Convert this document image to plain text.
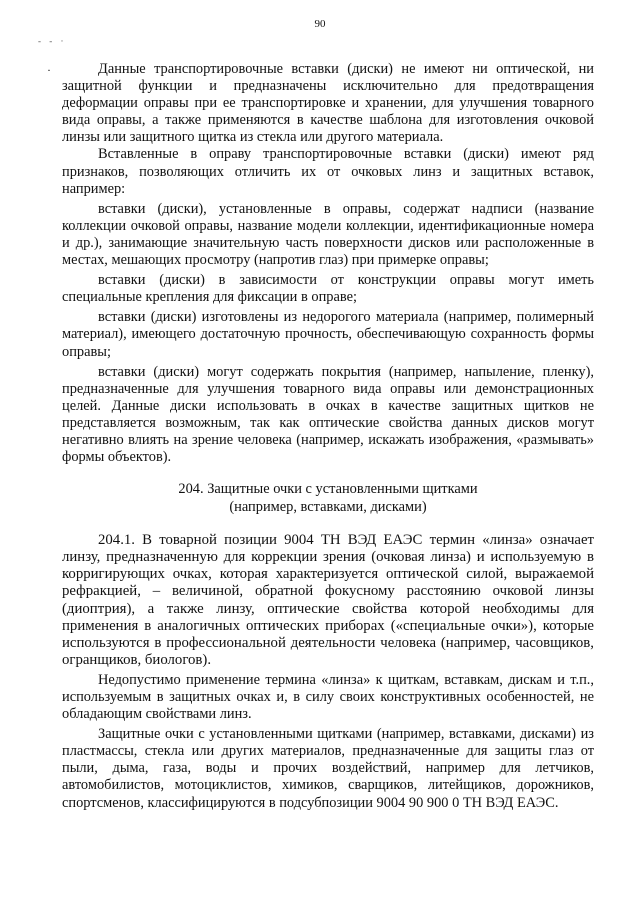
90
- - ·
·	Данные транспортировочные вставки (диски) не имеют ни оптической, ни защитной функции и предназначены исключительно для предотвращения деформации оправы при ее транспортировке и хранении, для улучшения товарного вида оправы, а также применяются в качестве шаблона для изготовления очковой линзы или защитного щитка из стекла или другого материала.

Вставленные в оправу транспортировочные вставки (диски) имеют ряд признаков, позволяющих отличить их от очковых линз и защитных вставок, например:

вставки (диски), установленные в оправы, содержат надписи (название коллекции очковой оправы, название модели коллекции, идентификационные номера и др.), занимающие значительную часть поверхности дисков или расположенные в местах, мешающих просмотру (напротив глаз) при примерке оправы;

вставки (диски) в зависимости от конструкции оправы могут иметь специальные крепления для фиксации в оправе;

вставки (диски) изготовлены из недорогого материала (например, полимерный материал), имеющего достаточную прочность, обеспечивающую сохранность формы оправы;

вставки (диски) могут содержать покрытия (например, напыление, пленку), предназначенные для улучшения товарного вида оправы или демонстрационных целей. Данные диски использовать в очках в качестве защитных щитков не представляется возможным, так как оптические свойства данных дисков могут негативно влиять на зрение человека (например, искажать изображения, «размывать» формы объектов).

204. Защитные очки с установленными щитками
(например, вставками, дисками)

204.1. В товарной позиции 9004 ТН ВЭД ЕАЭС термин «линза» означает линзу, предназначенную для коррекции зрения (очковая линза) и используемую в корригирующих очках, которая характеризуется оптической силой, выражаемой рефракцией, – величиной, обратной фокусному расстоянию очковой линзы (диоптрия), а также линзу, оптические свойства которой необходимы для применения в аналогичных оптических приборах («специальные очки»), которые используются в профессиональной деятельности человека (например, часовщиков, огранщиков, биологов).

Недопустимо применение термина «линза» к щиткам, вставкам, дискам и т.п., используемым в защитных очках и, в силу своих конструктивных особенностей, не обладающим свойствами линз.

Защитные очки с установленными щитками (например, вставками, дисками) из пластмассы, стекла или других материалов, предназначенные для защиты глаз от пыли, дыма, газа, воды и прочих воздействий, например для летчиков, автомобилистов, мотоциклистов, химиков, сварщиков, литейщиков, дорожников, спортсменов, классифицируются в подсубпозиции 9004 90 900 0 ТН ВЭД ЕАЭС.
